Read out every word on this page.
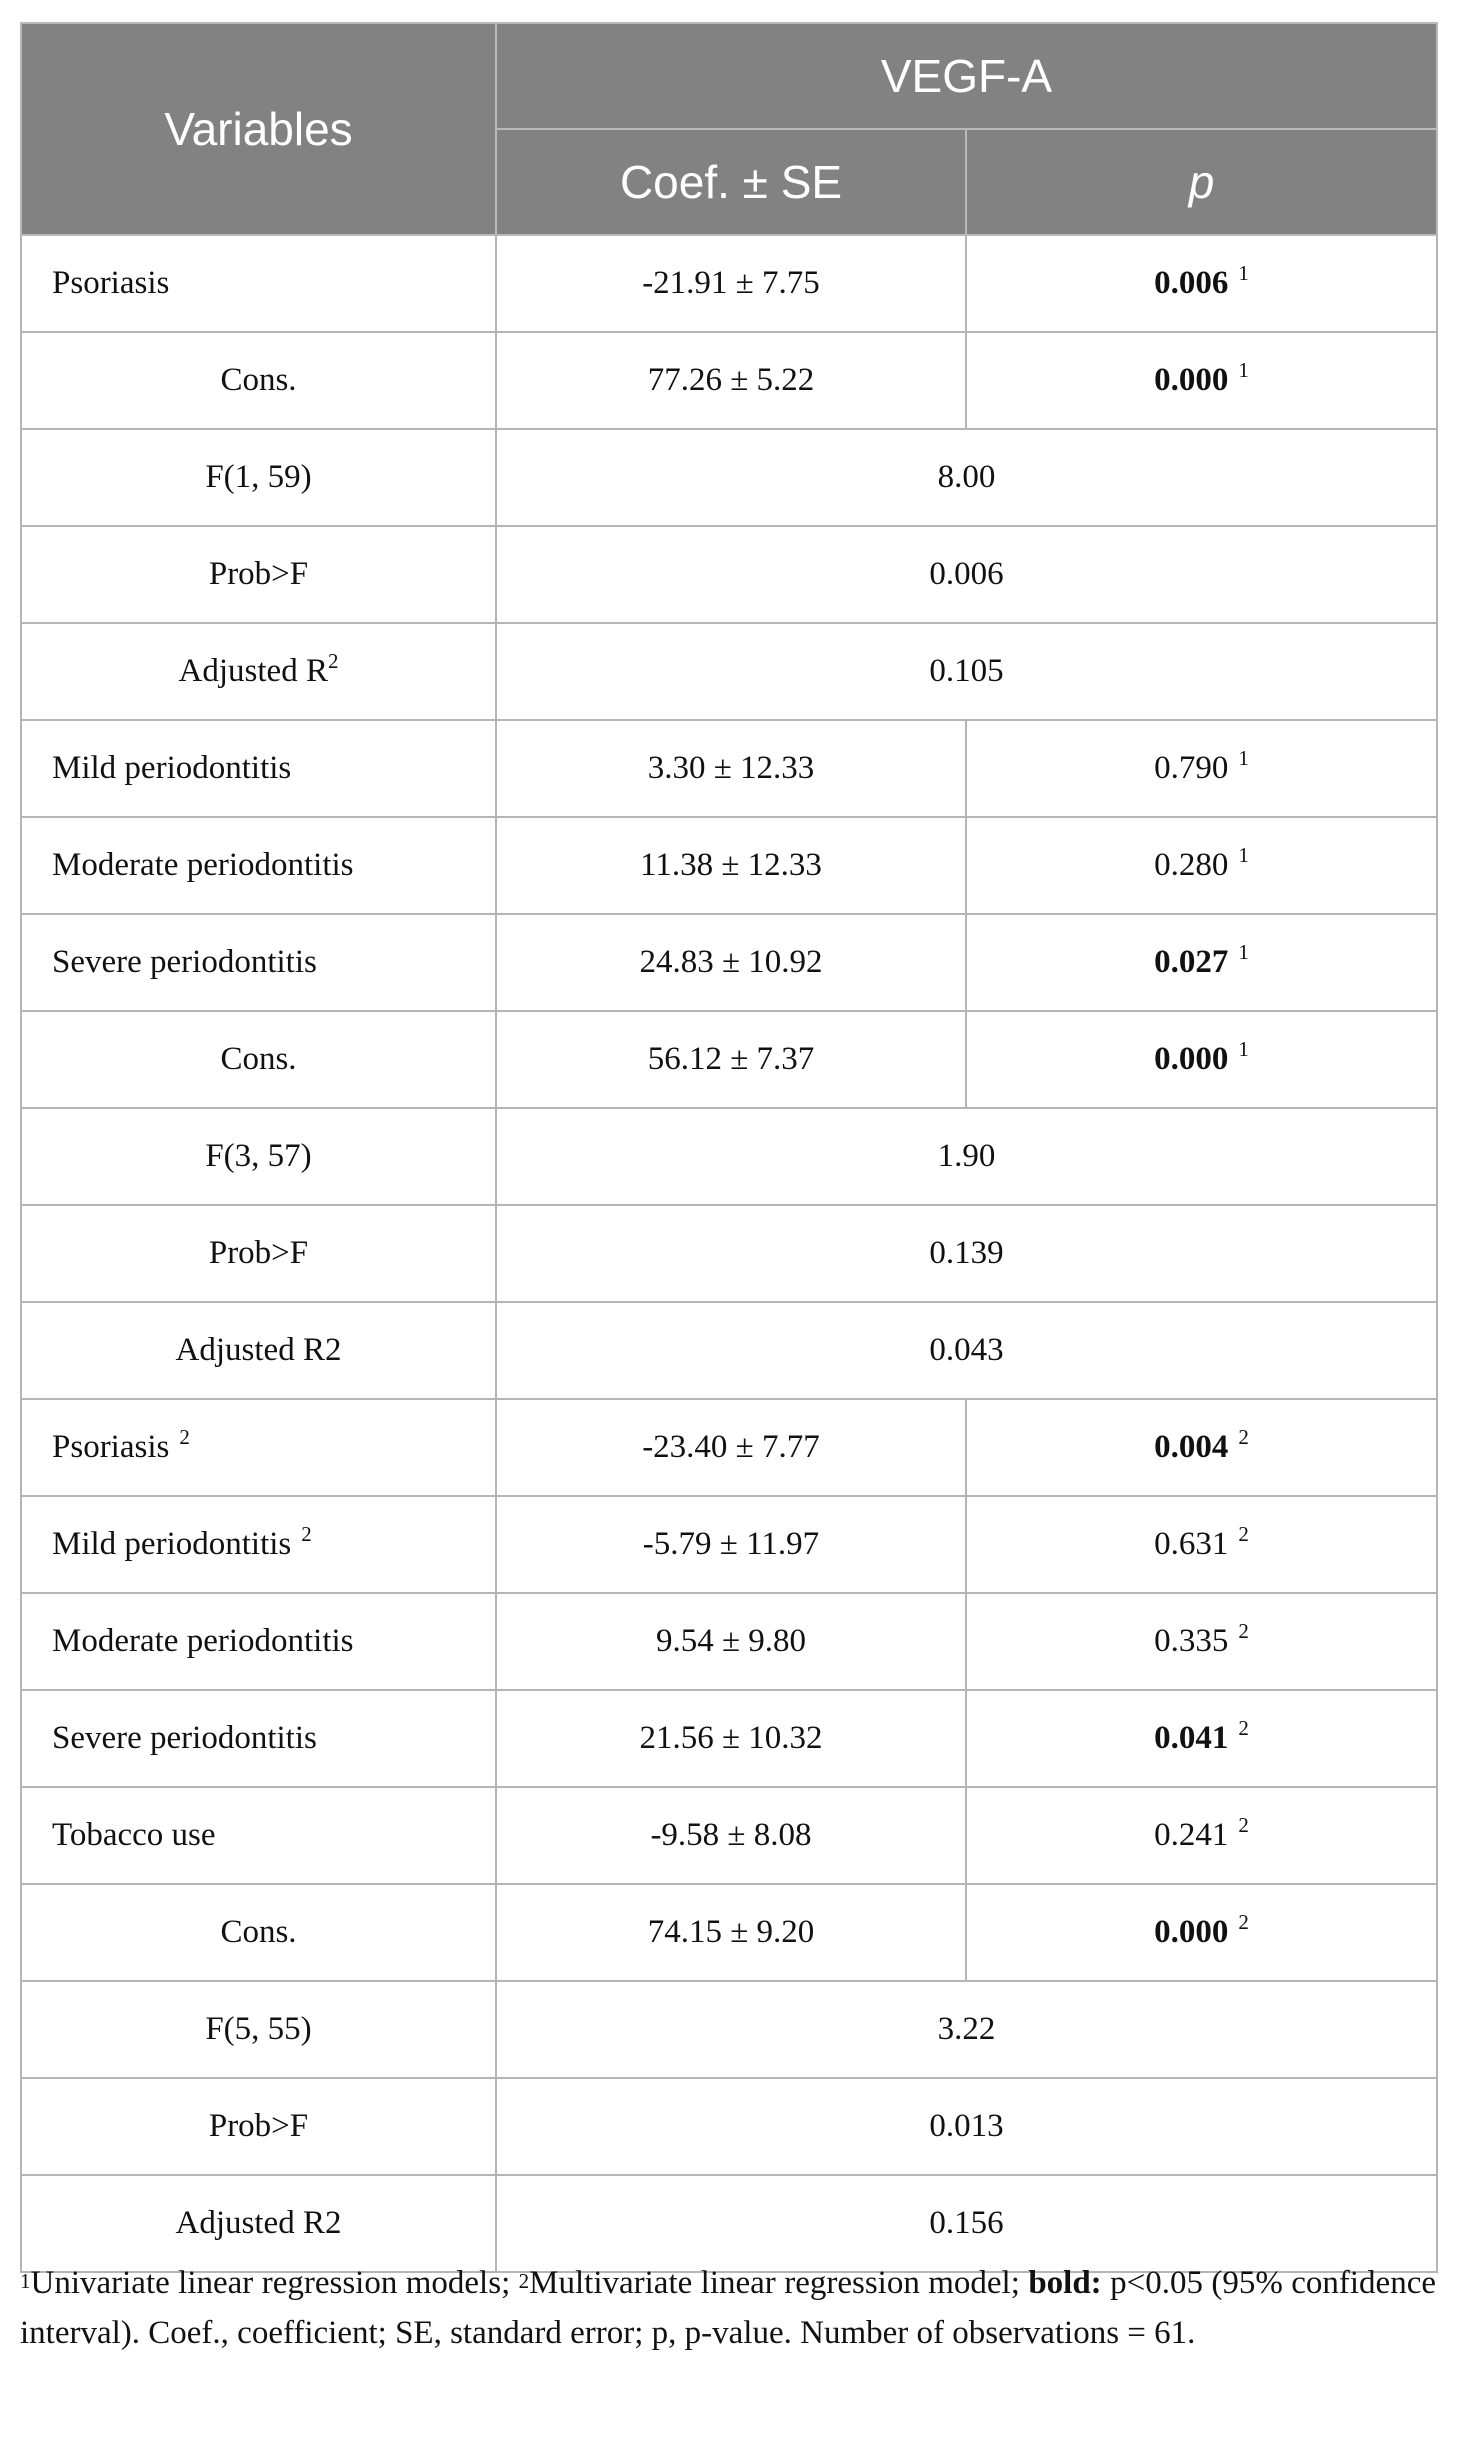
Variables	VEGF-A	
	Coef. ± SE	p
Psoriasis	-21.91 ± 7.75	0.006 $^1$
Cons.	77.26 ± 5.22	0.000 $^1$
F(1, 59)	8.00	
Prob>F	0.006	
Adjusted $R^2$	0.105	
Mild periodontitis	3.30 ± 12.33	0.790 $^1$
Moderate periodontitis	11.38 ± 12.33	0.280 $^1$
Severe periodontitis	24.83 ± 10.92	0.027 $^1$
Cons.	56.12 ± 7.37	0.000 $^1$
F(3, 57)	1.90	
Prob>F	0.139	
Adjusted R2	0.043	
Psoriasis $^2$	-23.40 ± 7.77	0.004 $^2$
Mild periodontitis $^2$	-5.79 ± 11.97	0.631 $^2$
Moderate periodontitis	9.54 ± 9.80	0.335 $^2$
Severe periodontitis	21.56 ± 10.32	0.041 $^2$
Tobacco use	-9.58 ± 8.08	0.241 $^2$
Cons.	74.15 ± 9.20	0.000 $^2$
F(5, 55)	3.22	
Prob>F	0.013	
Adjusted R2	0.156	
$^1$Univariate linear regression models; $^2$Multivariate linear regression model; bold: p<0.05 (95% confidence interval). Coef., coefficient; SE, standard error; p, p-value. Number of observations = 61.
